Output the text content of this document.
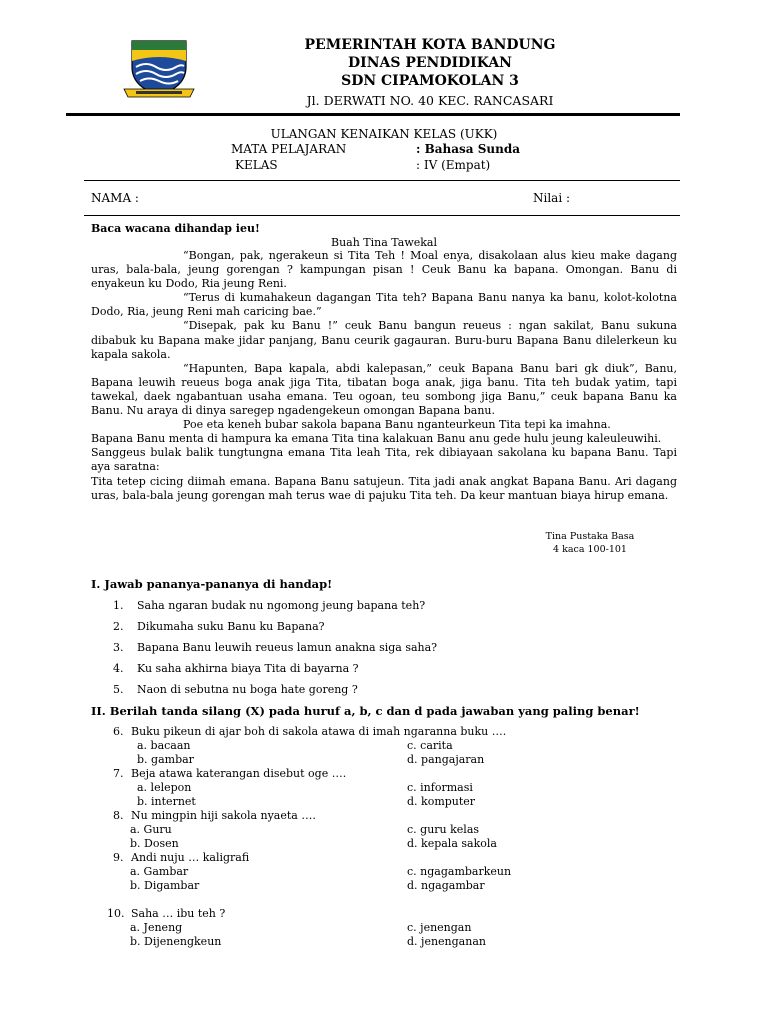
PEMERINTAH KOTA BANDUNG
DINAS PENDIDIKAN
SDN CIPAMOKOLAN 3
Jl. DERWATI NO. 40 KEC. RANCASARI
ULANGAN KENAIKAN KELAS (UKK)
MATA PELAJARAN	: Bahasa Sunda
KELAS	: IV (Empat)
NAMA :	Nilai :
Baca wacana dihandap ieu!
Buah Tina Tawekal

“Bongan, pak, ngerakeun si Tita Teh ! Moal enya, disakolaan alus kieu make dagang uras, bala-bala, jeung gorengan ? kampungan pisan ! Ceuk Banu ka bapana. Omongan. Banu di enyakeun ku Dodo, Ria jeung Reni.

“Terus di kumahakeun dagangan Tita teh? Bapana Banu nanya ka banu, kolot-kolotna Dodo, Ria, jeung Reni mah caricing bae.”

“Disepak, pak ku Banu !” ceuk Banu bangun reueus : ngan sakilat, Banu sukuna dibabuk ku Bapana make jidar panjang, Banu ceurik gagauran. Buru-buru Bapana Banu dilelerkeun ku kapala sakola.

“Hapunten, Bapa kapala, abdi kalepasan,” ceuk Bapana Banu bari gk diuk”, Banu, Bapana leuwih reueus boga anak jiga Tita, tibatan boga anak, jiga banu. Tita teh budak yatim, tapi tawekal, daek ngabantuan usaha emana. Teu ogoan, teu sombong jiga Banu,” ceuk bapana Banu ka Banu. Nu araya di dinya saregep ngadengekeun omongan Bapana banu.

Poe eta keneh bubar sakola bapana Banu nganteurkeun Tita tepi ka imahna.

Bapana Banu menta di hampura ka emana Tita tina kalakuan Banu anu gede hulu jeung kaleuleuwihi.

Sanggeus bulak balik tungtungna emana Tita leah Tita, rek dibiayaan sakolana ku bapana Banu. Tapi aya saratna:

Tita tetep cicing diimah emana. Bapana Banu satujeun. Tita jadi anak angkat Bapana Banu. Ari dagang uras, bala-bala jeung gorengan mah terus wae di pajuku Tita teh. Da keur mantuan biaya hirup emana.

Tina Pustaka Basa
4 kaca 100-101
I. Jawab pananya-pananya di handap!
1. Saha ngaran budak nu ngomong jeung bapana teh?
2. Dikumaha suku Banu ku Bapana?
3. Bapana Banu leuwih reueus lamun anakna siga saha?
4. Ku saha akhirna biaya Tita di bayarna ?
5. Naon di sebutna nu boga hate goreng ?
II. Berilah tanda silang (X) pada huruf a, b, c dan d pada jawaban yang paling benar!
6. Buku pikeun di ajar boh di sakola atawa di imah ngaranna buku ….
a. bacaan	c. carita
b. gambar	d. pangajaran
7. Beja atawa katerangan disebut oge ….
a. lelepon	c. informasi
b. internet	d. komputer
8. Nu mingpin hiji sakola nyaeta ….
a. Guru	c. guru kelas
b. Dosen	d. kepala sakola
9. Andi nuju … kaligrafi
a. Gambar	c. ngagambarkeun
b. Digambar	d. ngagambar
10. Saha … ibu teh ?
a. Jeneng	c. jenengan
b. Dijenengkeun	d. jenenganan
